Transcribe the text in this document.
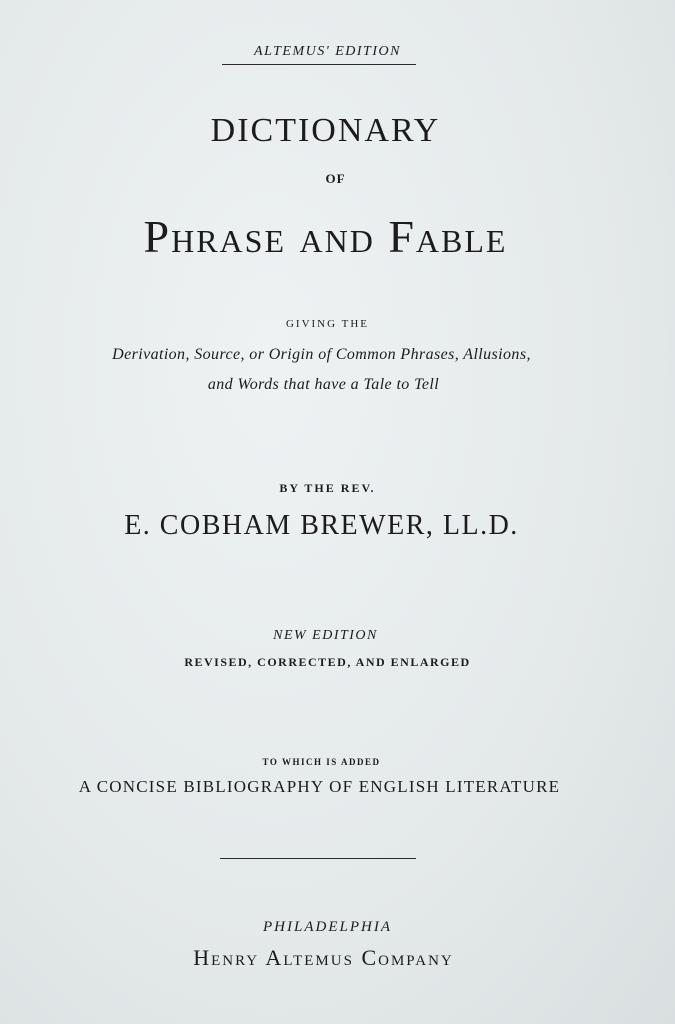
ALTEMUS' EDITION
DICTIONARY
OF
Phrase and Fable
GIVING THE
Derivation, Source, or Origin of Common Phrases, Allusions,
and Words that have a Tale to Tell
BY THE REV.
E. COBHAM BREWER, LL.D.
NEW EDITION
REVISED, CORRECTED, AND ENLARGED
TO WHICH IS ADDED
A CONCISE BIBLIOGRAPHY OF ENGLISH LITERATURE
PHILADELPHIA
Henry Altemus Company
